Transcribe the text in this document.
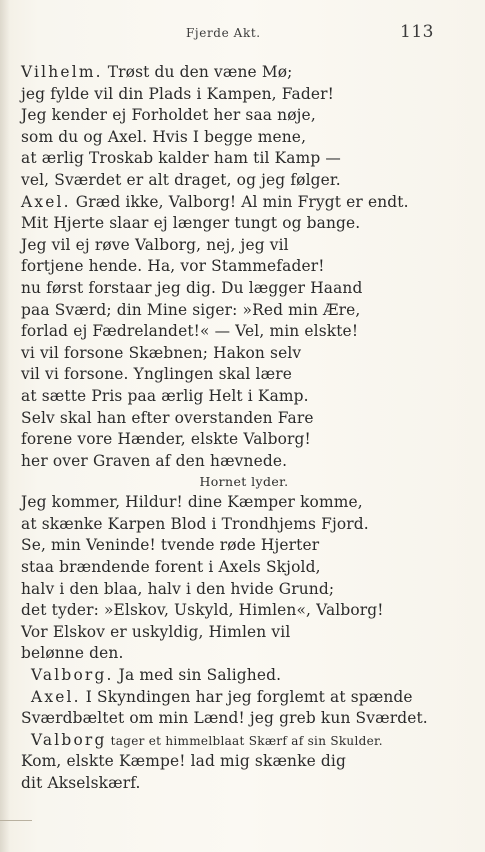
Fjerde Akt.	113
Vilhelm. Trøst du den væne Mø;
jeg fylde vil din Plads i Kampen, Fader!
Jeg kender ej Forholdet her saa nøje,
som du og Axel. Hvis I begge mene,
at ærlig Troskab kalder ham til Kamp —
vel, Sværdet er alt draget, og jeg følger.
Axel. Græd ikke, Valborg! Al min Frygt er endt.
Mit Hjerte slaar ej længer tungt og bange.
Jeg vil ej røve Valborg, nej, jeg vil
fortjene hende. Ha, vor Stammefader!
nu først forstaar jeg dig. Du lægger Haand
paa Sværd; din Mine siger: »Red min Ære,
forlad ej Fædrelandet!« — Vel, min elskte!
vi vil forsone Skæbnen; Hakon selv
vil vi forsone. Ynglingen skal lære
at sætte Pris paa ærlig Helt i Kamp.
Selv skal han efter overstanden Fare
forene vore Hænder, elskte Valborg!
her over Graven af den hævnede.
Hornet lyder.
Jeg kommer, Hildur! dine Kæmper komme,
at skænke Karpen Blod i Trondhjems Fjord.
Se, min Veninde! tvende røde Hjerter
staa brændende forent i Axels Skjold,
halv i den blaa, halv i den hvide Grund;
det tyder: »Elskov, Uskyld, Himlen«, Valborg!
Vor Elskov er uskyldig, Himlen vil
belønne den.
Valborg. Ja med sin Salighed.
Axel. I Skyndingen har jeg forglemt at spænde
Sværdbæltet om min Lænd! jeg greb kun Sværdet.
Valborg tager et himmelblaat Skærf af sin Skulder.
Kom, elskte Kæmpe! lad mig skænke dig
dit Akselskærf.
